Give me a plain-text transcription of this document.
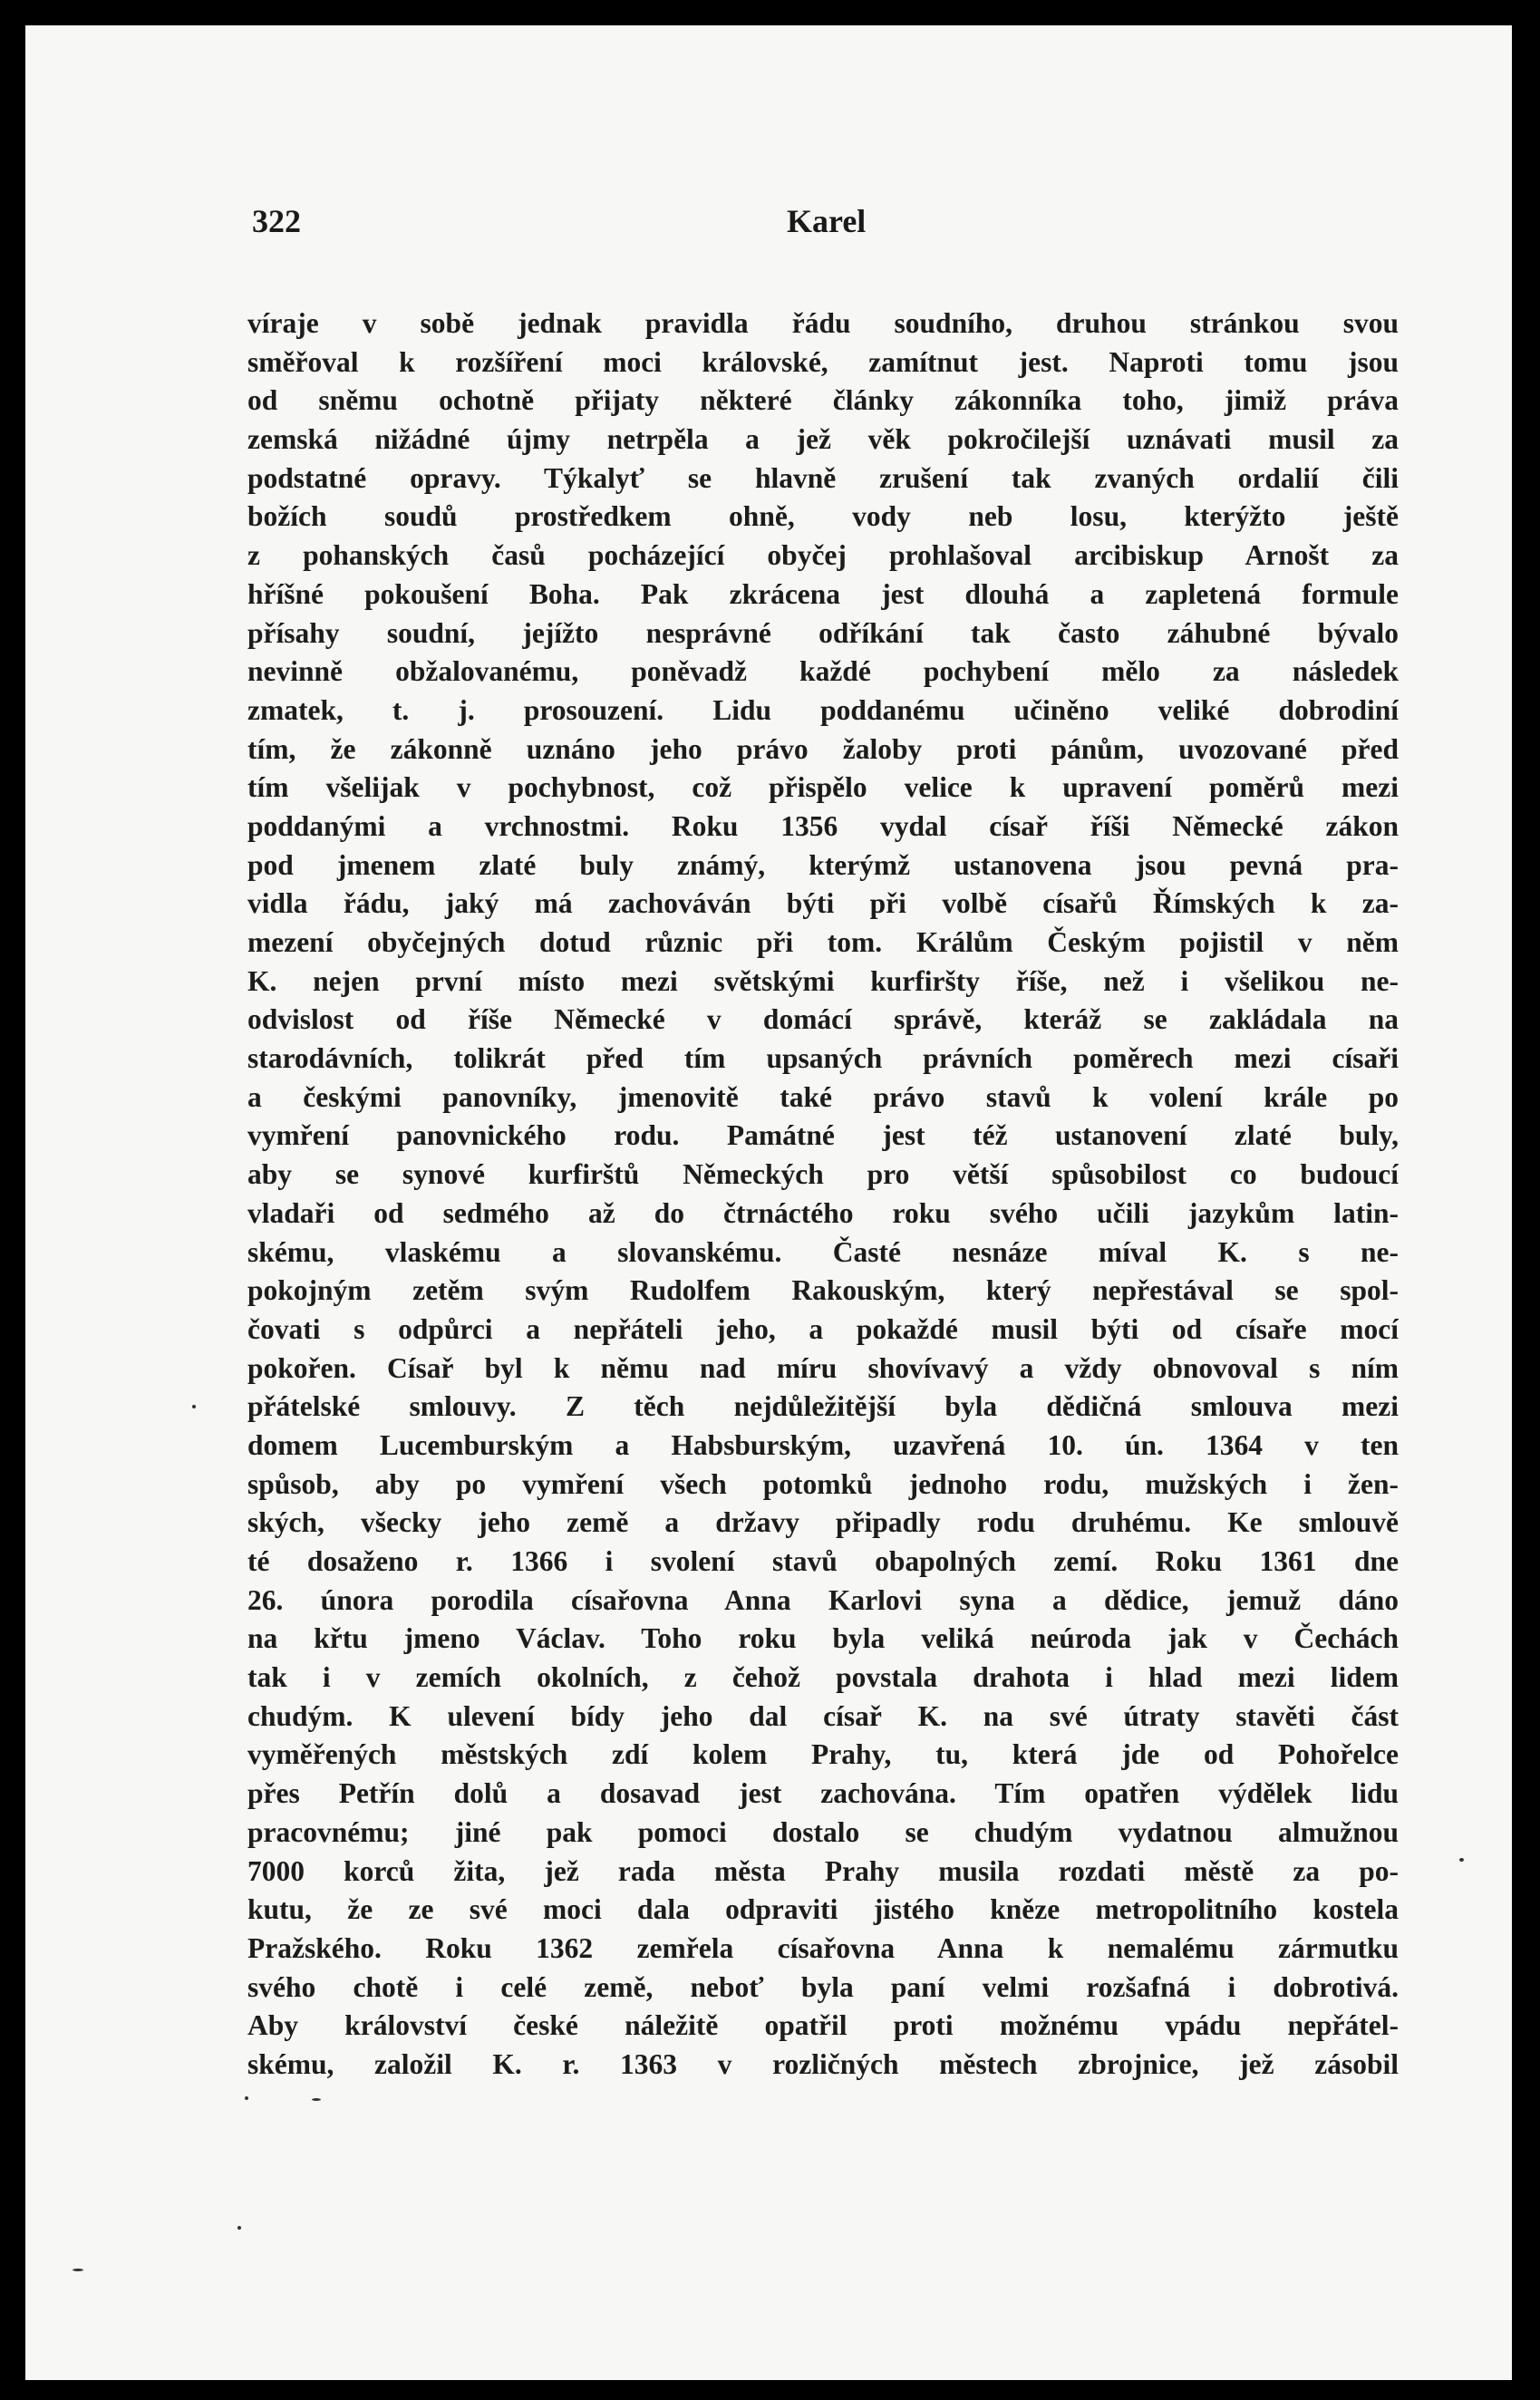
322	Karel
víraje v sobě jednak pravidla řádu soudního, druhou stránkou svou
směřoval k rozšíření moci královské, zamítnut jest. Naproti tomu jsou
od sněmu ochotně přijaty některé články zákonníka toho, jimiž práva
zemská nižádné újmy netrpěla a jež věk pokročilejší uznávati musil za
podstatné opravy. Týkalyť se hlavně zrušení tak zvaných ordalií čili
božích soudů prostředkem ohně, vody neb losu, kterýžto ještě
z pohanských časů pocházející obyčej prohlašoval arcibiskup Arnošt za
hříšné pokoušení Boha. Pak zkrácena jest dlouhá a zapletená formule
přísahy soudní, jejížto nesprávné odříkání tak často záhubné bývalo
nevinně obžalovanému, poněvadž každé pochybení mělo za následek
zmatek, t. j. prosouzení. Lidu poddanému učiněno veliké dobrodiní
tím, že zákonně uznáno jeho právo žaloby proti pánům, uvozované před
tím všelijak v pochybnost, což přispělo velice k upravení poměrů mezi
poddanými a vrchnostmi. Roku 1356 vydal císař říši Německé zákon
pod jmenem zlaté buly známý, kterýmž ustanovena jsou pevná pra-
vidla řádu, jaký má zachováván býti při volbě císařů Římských k za-
mezení obyčejných dotud různic při tom. Králům Českým pojistil v něm
K. nejen první místo mezi světskými kurfiršty říše, než i všelikou ne-
odvislost od říše Německé v domácí správě, kteráž se zakládala na
starodávních, tolikrát před tím upsaných právních poměrech mezi císaři
a českými panovníky, jmenovitě také právo stavů k volení krále po
vymření panovnického rodu. Památné jest též ustanovení zlaté buly,
aby se synové kurfirštů Německých pro větší spůsobilost co budoucí
vladaři od sedmého až do čtrnáctého roku svého učili jazykům latin-
skému, vlaskému a slovanskému. Časté nesnáze míval K. s ne-
pokojným zetěm svým Rudolfem Rakouským, který nepřestával se spol-
čovati s odpůrci a nepřáteli jeho, a pokaždé musil býti od císaře mocí
pokořen. Císař byl k němu nad míru shovívavý a vždy obnovoval s ním
přátelské smlouvy. Z těch nejdůležitější byla dědičná smlouva mezi
domem Lucemburským a Habsburským, uzavřená 10. ún. 1364 v ten
spůsob, aby po vymření všech potomků jednoho rodu, mužských i žen-
ských, všecky jeho země a državy připadly rodu druhému. Ke smlouvě
té dosaženo r. 1366 i svolení stavů obapolných zemí. Roku 1361 dne
26. února porodila císařovna Anna Karlovi syna a dědice, jemuž dáno
na křtu jmeno Václav. Toho roku byla veliká neúroda jak v Čechách
tak i v zemích okolních, z čehož povstala drahota i hlad mezi lidem
chudým. K ulevení bídy jeho dal císař K. na své útraty stavěti část
vyměřených městských zdí kolem Prahy, tu, která jde od Pohořelce
přes Petřín dolů a dosavad jest zachována. Tím opatřen výdělek lidu
pracovnému; jiné pak pomoci dostalo se chudým vydatnou almužnou
7000 korců žita, jež rada města Prahy musila rozdati městě za po-
kutu, že ze své moci dala odpraviti jistého kněze metropolitního kostela
Pražského. Roku 1362 zemřela císařovna Anna k nemalému zármutku
svého chotě i celé země, neboť byla paní velmi rozšafná i dobrotivá.
Aby království české náležitě opatřil proti možnému vpádu nepřátel-
skému, založil K. r. 1363 v rozličných městech zbrojnice, jež zásobil
